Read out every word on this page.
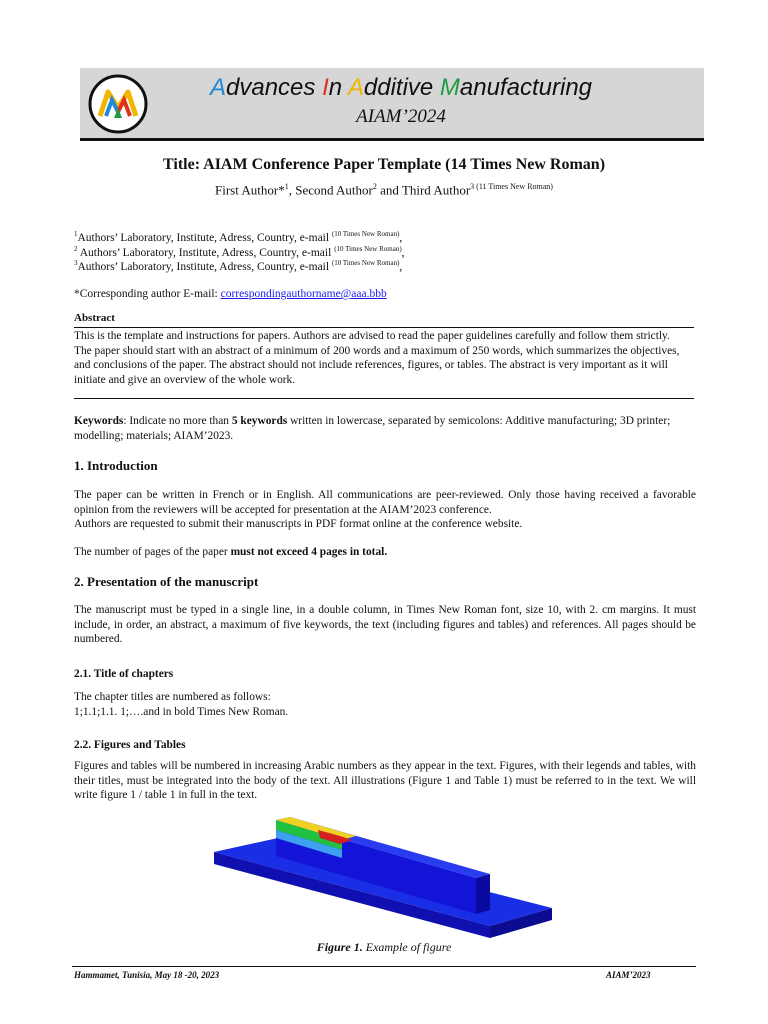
Advances In Additive Manufacturing
AIAM’2024
Title: AIAM Conference Paper Template (14 Times New Roman)
First Author*$^1$, Second Author$^2$ and Third Author$^3$ $^{(11 Times New Roman)}$
$^1$Authors’ Laboratory, Institute, Adress, Country, e-mail $^{(10 Times New Roman)}$,
$^2$ Authors’ Laboratory, Institute, Adress, Country, e-mail $^{(10 Times New Roman)}$,
$^3$Authors’ Laboratory, Institute, Adress, Country, e-mail $^{(10 Times New Roman)}$,
*Corresponding author E-mail: correspondingauthorname@aaa.bbb
Abstract

This is the template and instructions for papers. Authors are advised to read the paper guidelines carefully and follow them strictly.

The paper should start with an abstract of a minimum of 200 words and a maximum of 250 words, which summarizes the objectives, and conclusions of the paper. The abstract should not include references, figures, or tables. The abstract is very important as it will initiate and give an overview of the whole work.

Keywords: Indicate no more than 5 keywords written in lowercase, separated by semicolons: Additive manufacturing; 3D printer; modelling; materials; AIAM’2023.
1. Introduction

The paper can be written in French or in English. All communications are peer-reviewed. Only those having received a favorable opinion from the reviewers will be accepted for presentation at the AIAM’2023 conference.

Authors are requested to submit their manuscripts in PDF format online at the conference website.

The number of pages of the paper must not exceed 4 pages in total.
2. Presentation of the manuscript
The manuscript must be typed in a single line, in a double column, in Times New Roman font, size 10, with 2. cm margins. It must include, in order, an abstract, a maximum of five keywords, the text (including figures and tables) and references. All pages should be numbered.
2.1. Title of chapters

The chapter titles are numbered as follows:

1;1.1;1.1. 1;….and in bold Times New Roman.

2.2. Figures and Tables
Figures and tables will be numbered in increasing Arabic numbers as they appear in the text. Figures, with their legends and tables, with their titles, must be integrated into the body of the text. All illustrations (Figure 1 and Table 1) must be referred to in the text. We will write figure 1 / table 1 in full in the text.
Figure 1. Example of figure
Hammamet, Tunisia, May 18 -20, 2023	AIAM’2023
